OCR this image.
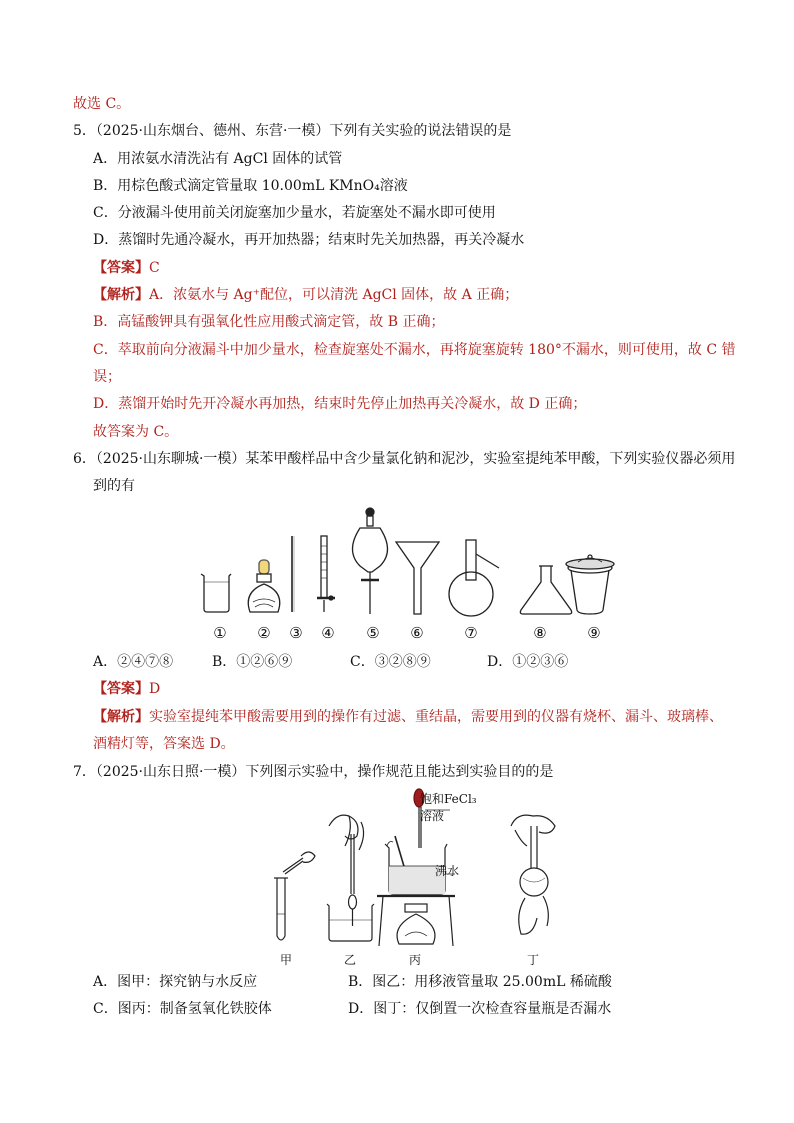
故选 C。
5．（2025·山东烟台、德州、东营·一模）下列有关实验的说法错误的是
A．用浓氨水清洗沾有 AgCl 固体的试管
B．用棕色酸式滴定管量取 10.00mL KMnO₄溶液
C．分液漏斗使用前关闭旋塞加少量水，若旋塞处不漏水即可使用
D．蒸馏时先通冷凝水，再开加热器；结束时先关加热器，再关冷凝水
【答案】C
【解析】A．浓氨水与 Ag⁺配位，可以清洗 AgCl 固体，故 A 正确；
B．高锰酸钾具有强氧化性应用酸式滴定管，故 B 正确；
C．萃取前向分液漏斗中加少量水，检查旋塞处不漏水，再将旋塞旋转 180°不漏水，则可使用，故 C 错
误；
D．蒸馏开始时先开冷凝水再加热，结束时先停止加热再关冷凝水，故 D 正确；
故答案为 C。
6．（2025·山东聊城·一模）某苯甲酸样品中含少量氯化钠和泥沙，实验室提纯苯甲酸，下列实验仪器必须用
到的有
① ② ③ ④ ⑤ ⑥	⑦	⑧	⑨
A．②④⑦⑧	B．①②⑥⑨	C．③②⑧⑨	D．①②③⑥
【答案】D
【解析】实验室提纯苯甲酸需要用到的操作有过滤、重结晶，需要用到的仪器有烧杯、漏斗、玻璃棒、
酒精灯等，答案选 D。
7．（2025·山东日照·一模）下列图示实验中，操作规范且能达到实验目的的是
饱和FeCl₃
溶液
沸水
甲	乙	丙	丁
A．图甲：探究钠与水反应	B．图乙：用移液管量取 25.00mL 稀硫酸
C．图丙：制备氢氧化铁胶体	D．图丁：仅倒置一次检查容量瓶是否漏水
